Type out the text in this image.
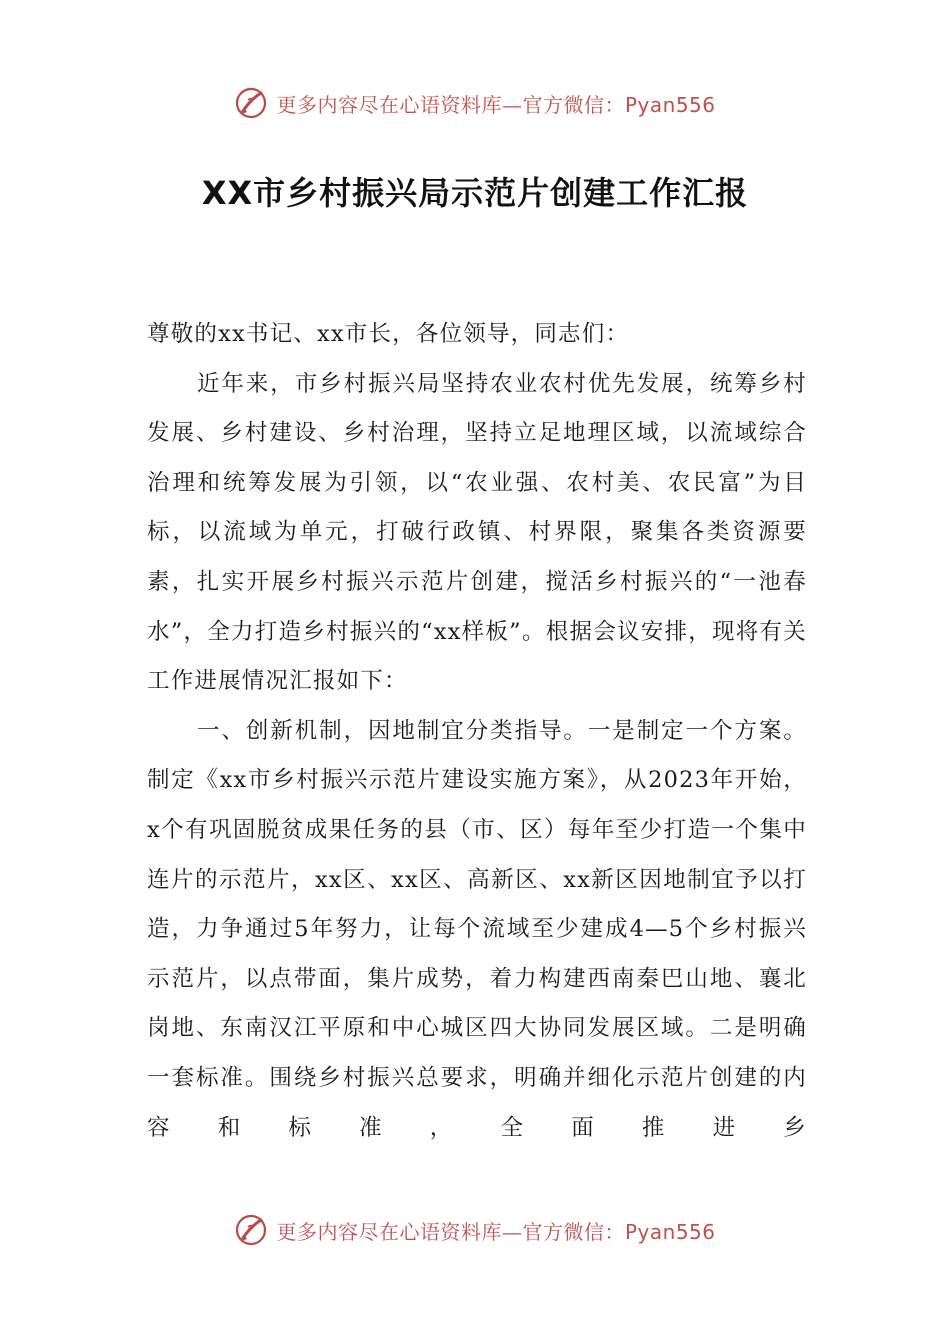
更多内容尽在心语资料库—官方微信：Pyan556
XX市乡村振兴局示范片创建工作汇报

尊敬的xx书记、xx市长，各位领导，同志们：

近年来，市乡村振兴局坚持农业农村优先发展，统筹乡村发展、乡村建设、乡村治理，坚持立足地理区域，以流域综合治理和统筹发展为引领，以“农业强、农村美、农民富”为目标，以流域为单元，打破行政镇、村界限，聚集各类资源要素，扎实开展乡村振兴示范片创建，搅活乡村振兴的“一池春水”，全力打造乡村振兴的“xx样板”。根据会议安排，现将有关工作进展情况汇报如下：

一、创新机制，因地制宜分类指导。一是制定一个方案。制定《xx市乡村振兴示范片建设实施方案》，从2023年开始，x个有巩固脱贫成果任务的县（市、区）每年至少打造一个集中连片的示范片，xx区、xx区、高新区、xx新区因地制宜予以打造，力争通过5年努力，让每个流域至少建成4—5个乡村振兴示范片，以点带面，集片成势，着力构建西南秦巴山地、襄北岗地、东南汉江平原和中心城区四大协同发展区域。二是明确一套标准。围绕乡村振兴总要求，明确并细化示范片创建的内容和标准，全面推进乡

更多内容尽在心语资料库—官方微信：Pyan556
